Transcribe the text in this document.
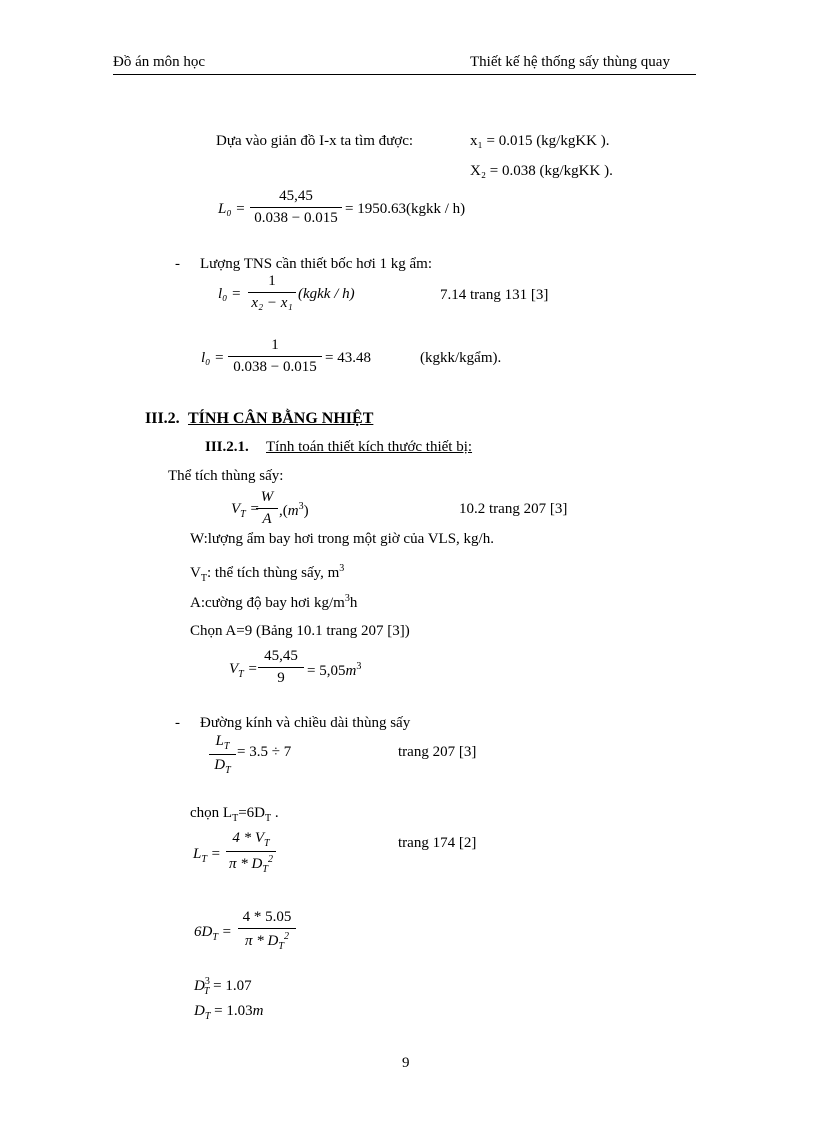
Đồ án môn học	Thiết kế hệ thống sấy thùng quay
Dựa vào giản đồ I-x ta tìm được:	x₁ = 0.015 (kg/kgKK ).
X₂ = 0.038 (kg/kgKK ).
L₀ =
45,45
0.038 − 0.015
= 1950.63(kgkk / h)
- Lượng TNS cần thiết bốc hơi 1 kg ẩm:
l₀ =
1
x₂ − x₁
(kgkk / h)	7.14 trang 131 [3]
l₀ =
1
0.038 − 0.015
= 43.48	(kgkk/kgẩm).
III.2. TÍNH CÂN BẰNG NHIỆT
III.2.1. Tính toán thiết kích thước thiết bị:
Thể tích thùng sấy:
$V_T$ =
W
A $,(m^3)$	10.2 trang 207 [3]
W:lượng ẩm bay hơi trong một giờ của VLS, kg/h.
$V_T$: thể tích thùng sấy, $m^3$
A:cường độ bay hơi $kg/m^3h$
Chọn A=9 (Bảng 10.1 trang 207 [3])
$V_T$ =
45,45
9	= $5,05m^3$
- Đường kính và chiều dài thùng sấy
$L_T$
$D_T$
= 3.5 ÷ 7	trang 207 [3]
chọn $L_T=6D_T$ .
$L_T$ =
$4 * V_T$
π * $D_T^2$
trang 174 [2]
$6D_T$ =
4 * 5.05
π * $D_T^2$
$D^3_T = 1.07$
$D_T = 1.03m$
9
